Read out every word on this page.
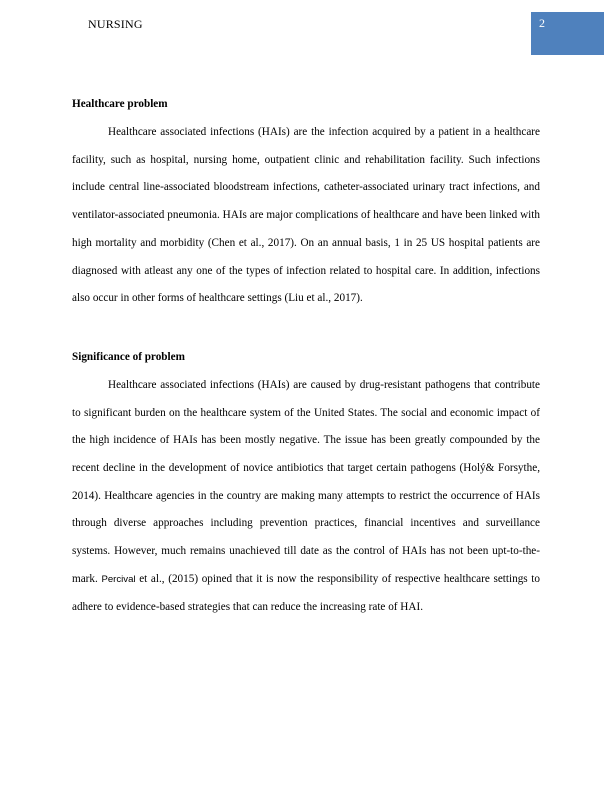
NURSING	2

Healthcare problem

Healthcare associated infections (HAIs) are the infection acquired by a patient in a healthcare facility, such as hospital, nursing home, outpatient clinic and rehabilitation facility. Such infections include central line-associated bloodstream infections, catheter-associated urinary tract infections, and ventilator-associated pneumonia. HAIs are major complications of healthcare and have been linked with high mortality and morbidity (Chen et al., 2017). On an annual basis, 1 in 25 US hospital patients are diagnosed with atleast any one of the types of infection related to hospital care. In addition, infections also occur in other forms of healthcare settings (Liu et al., 2017).

Significance of problem

Healthcare associated infections (HAIs) are caused by drug-resistant pathogens that contribute to significant burden on the healthcare system of the United States. The social and economic impact of the high incidence of HAIs has been mostly negative. The issue has been greatly compounded by the recent decline in the development of novice antibiotics that target certain pathogens (Holý& Forsythe, 2014). Healthcare agencies in the country are making many attempts to restrict the occurrence of HAIs through diverse approaches including prevention practices, financial incentives and surveillance systems. However, much remains unachieved till date as the control of HAIs has not been upt-to-the-mark. Percival et al., (2015) opined that it is now the responsibility of respective healthcare settings to adhere to evidence-based strategies that can reduce the increasing rate of HAI.
